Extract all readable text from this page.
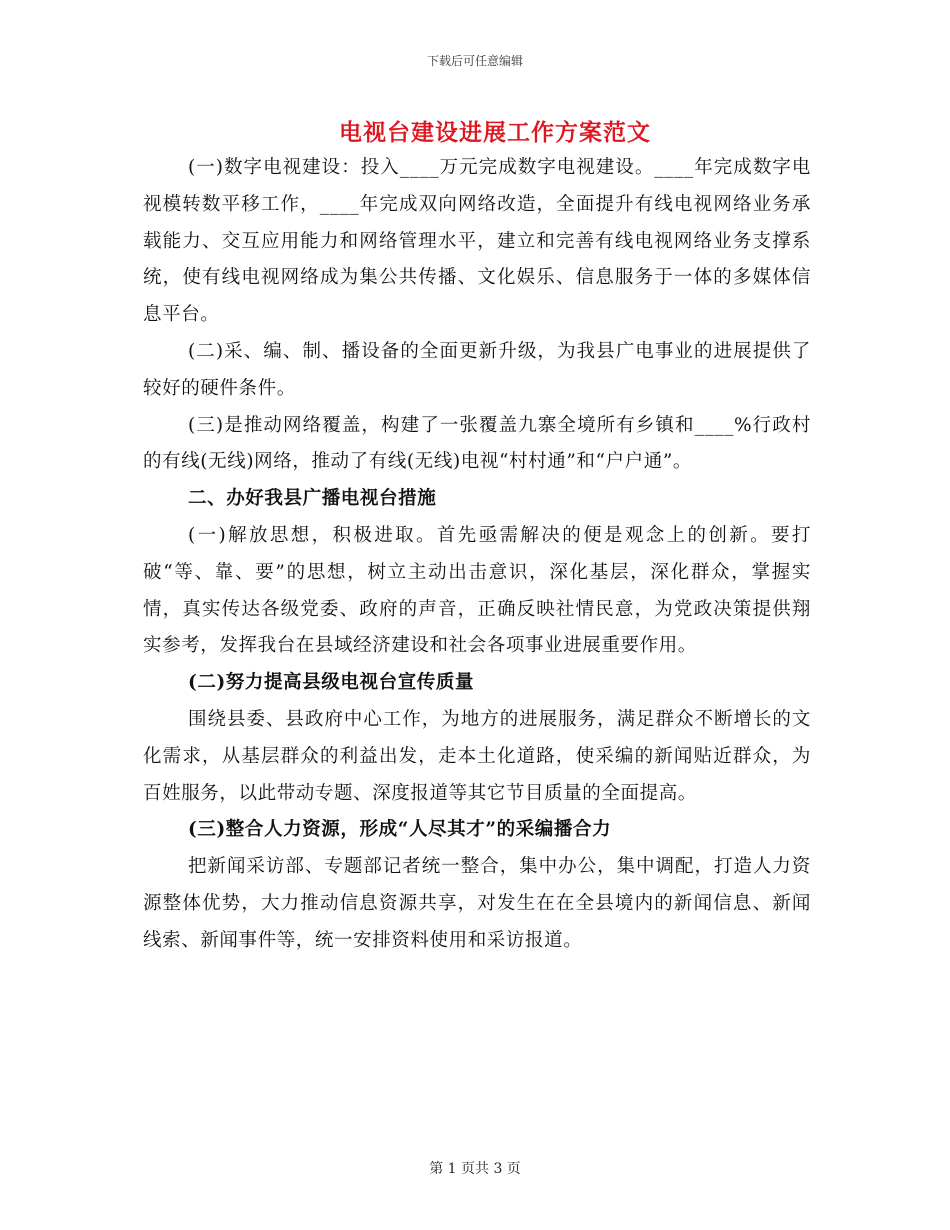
下载后可任意编辑
电视台建设进展工作方案范文

(一)数字电视建设：投入____万元完成数字电视建设。____年完成数字电视模转数平移工作，____年完成双向网络改造，全面提升有线电视网络业务承载能力、交互应用能力和网络管理水平，建立和完善有线电视网络业务支撑系统，使有线电视网络成为集公共传播、文化娱乐、信息服务于一体的多媒体信息平台。

(二)采、编、制、播设备的全面更新升级，为我县广电事业的进展提供了较好的硬件条件。

(三)是推动网络覆盖，构建了一张覆盖九寨全境所有乡镇和____%行政村的有线(无线)网络，推动了有线(无线)电视“村村通”和“户户通”。

二、办好我县广播电视台措施

(一)解放思想，积极进取。首先亟需解决的便是观念上的创新。要打破“等、靠、要”的思想，树立主动出击意识，深化基层，深化群众，掌握实情，真实传达各级党委、政府的声音，正确反映社情民意，为党政决策提供翔实参考，发挥我台在县域经济建设和社会各项事业进展重要作用。

(二)努力提高县级电视台宣传质量

围绕县委、县政府中心工作，为地方的进展服务，满足群众不断增长的文化需求，从基层群众的利益出发，走本土化道路，使采编的新闻贴近群众，为百姓服务，以此带动专题、深度报道等其它节目质量的全面提高。

(三)整合人力资源，形成“人尽其才”的采编播合力

把新闻采访部、专题部记者统一整合，集中办公，集中调配，打造人力资源整体优势，大力推动信息资源共享，对发生在在全县境内的新闻信息、新闻线索、新闻事件等，统一安排资料使用和采访报道。

第 1 页共 3 页
